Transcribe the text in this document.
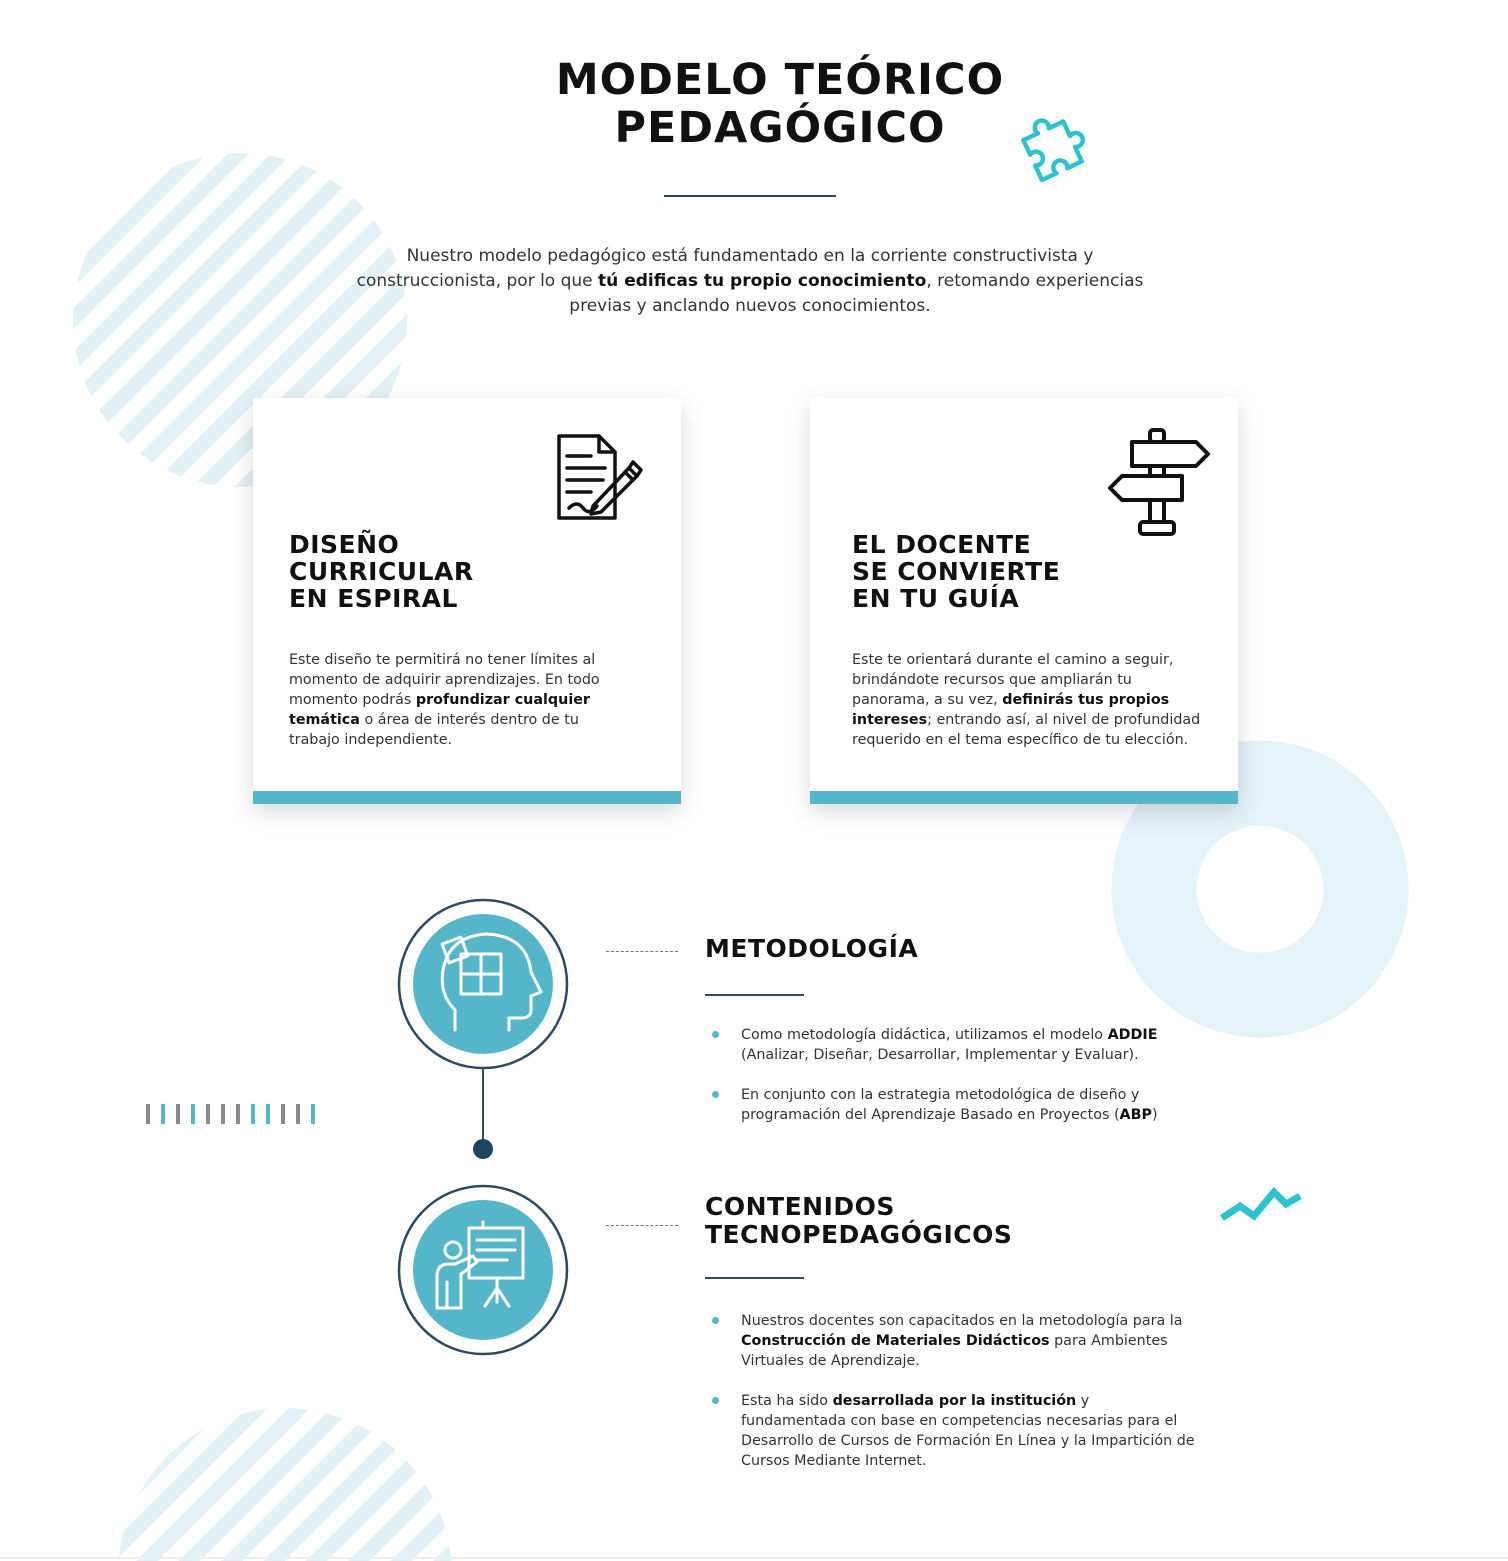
MODELO TEÓRICO
PEDAGÓGICO
Nuestro modelo pedagógico está fundamentado en la corriente constructivista y construccionista, por lo que tú edificas tu propio conocimiento, retomando experiencias previas y anclando nuevos conocimientos.
DISEÑO
CURRICULAR
EN ESPIRAL
Este diseño te permitirá no tener límites al momento de adquirir aprendizajes. En todo momento podrás profundizar cualquier temática o área de interés dentro de tu trabajo independiente.
EL DOCENTE
SE CONVIERTE
EN TU GUÍA
Este te orientará durante el camino a seguir, brindándote recursos que ampliarán tu panorama, a su vez, definirás tus propios intereses; entrando así, al nivel de profundidad requerido en el tema específico de tu elección.
METODOLOGÍA
Como metodología didáctica, utilizamos el modelo ADDIE (Analizar, Diseñar, Desarrollar, Implementar y Evaluar).
En conjunto con la estrategia metodológica de diseño y programación del Aprendizaje Basado en Proyectos (ABP)
CONTENIDOS
TECNOPEDAGÓGICOS
Nuestros docentes son capacitados en la metodología para la Construcción de Materiales Didácticos para Ambientes Virtuales de Aprendizaje.
Esta ha sido desarrollada por la institución y fundamentada con base en competencias necesarias para el Desarrollo de Cursos de Formación En Línea y la Impartición de Cursos Mediante Internet.
